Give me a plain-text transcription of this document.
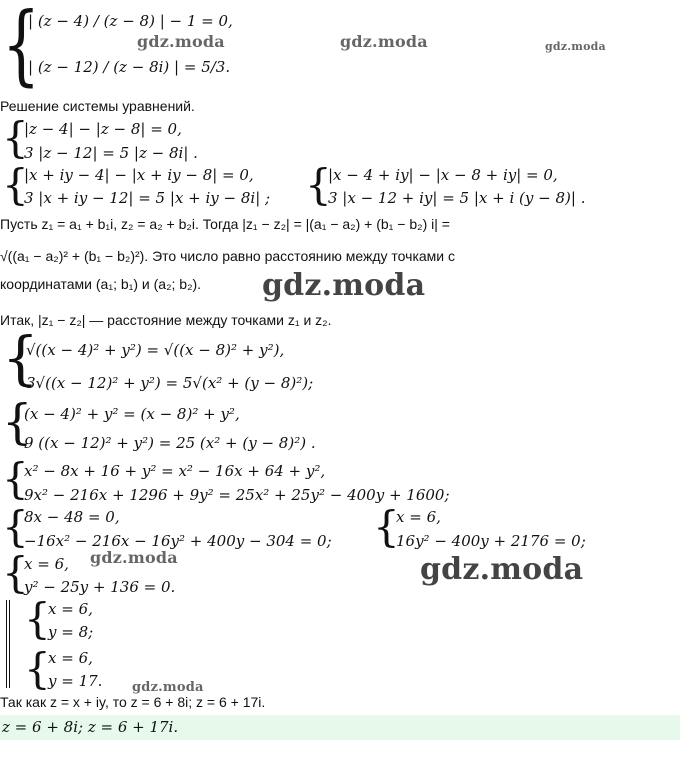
gdz.moda	gdz.moda	gdz.moda
gdz.moda
gdz.moda	gdz.moda
gdz.moda
{
| (z − 4) / (z − 8) | − 1 = 0,
| (z − 12) / (z − 8i) | = 5/3.
Решение системы уравнений.
{
|z − 4| − |z − 8| = 0,
3 |z − 12| = 5 |z − 8i| .
{
|x + iy − 4| − |x + iy − 8| = 0,
3 |x + iy − 12| = 5 |x + iy − 8i| ; {
|x − 4 + iy| − |x − 8 + iy| = 0,
3 |x − 12 + iy| = 5 |x + i (y − 8)| .
Пусть z₁ = a₁ + b₁i, z₂ = a₂ + b₂i. Тогда |z₁ − z₂| = |(a₁ − a₂) + (b₁ − b₂) i| =
√((a₁ − a₂)² + (b₁ − b₂)²). Это число равно расстоянию между точками с
координатами (a₁; b₁) и (a₂; b₂).
Итак, |z₁ − z₂| — расстояние между точками z₁ и z₂.
{
√((x − 4)² + y²) = √((x − 8)² + y²),
3√((x − 12)² + y²) = 5√(x² + (y − 8)²);
{
(x − 4)² + y² = (x − 8)² + y²,
9 ((x − 12)² + y²) = 25 (x² + (y − 8)²) .
{
x² − 8x + 16 + y² = x² − 16x + 64 + y²,
9x² − 216x + 1296 + 9y² = 25x² + 25y² − 400y + 1600;
{
8x − 48 = 0,
−16x² − 216x − 16y² + 400y − 304 = 0; {
x = 6,
16y² − 400y + 2176 = 0;
{
x = 6,
y² − 25y + 136 = 0.
{
x = 6,
y = 8;
{
x = 6,
y = 17.
Так как z = x + iy, то z = 6 + 8i; z = 6 + 17i.
z = 6 + 8i; z = 6 + 17i.
